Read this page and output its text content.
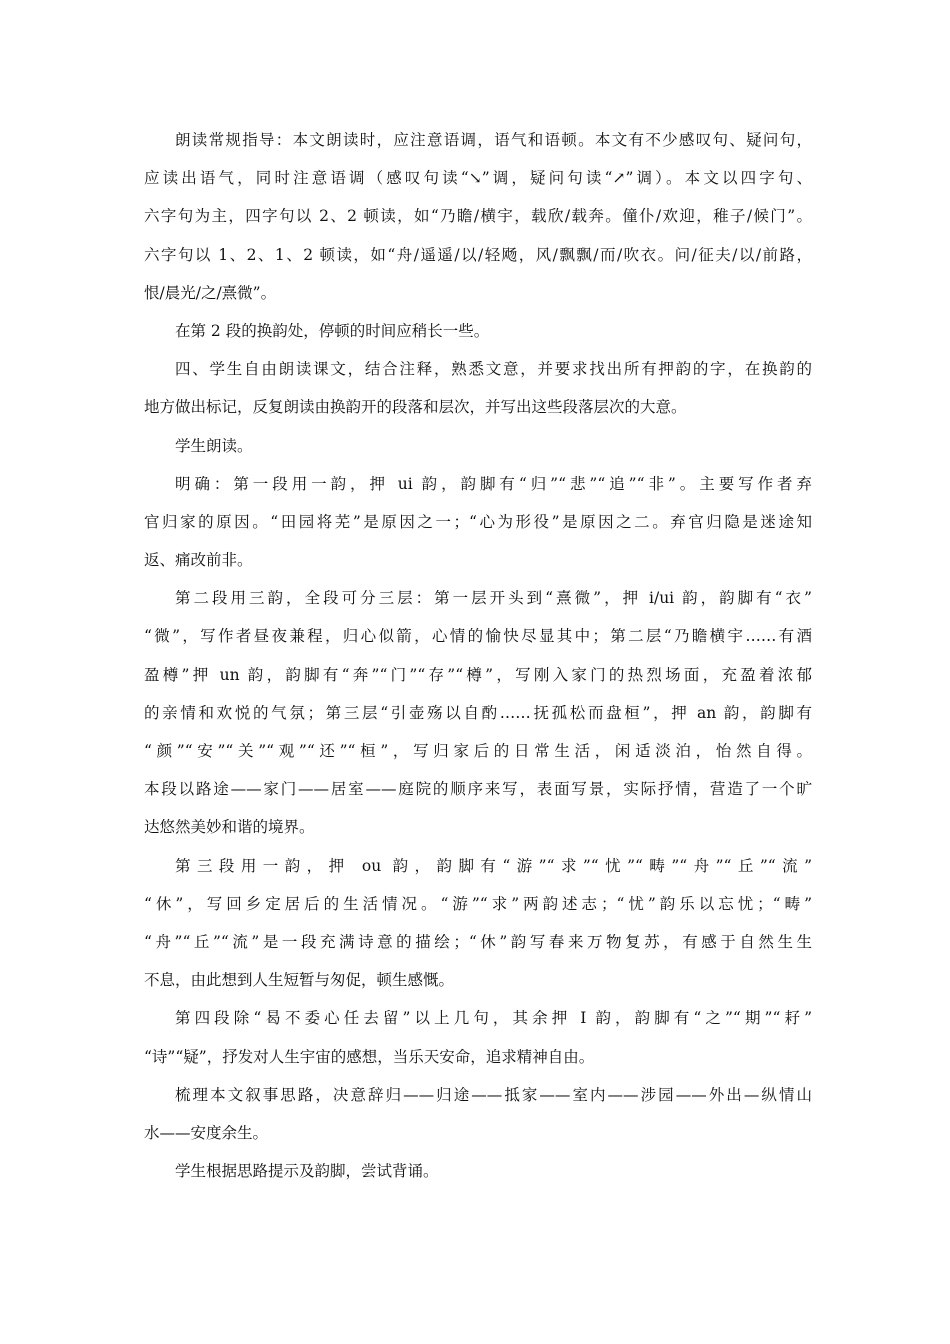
朗读常规指导：本文朗读时，应注意语调，语气和语顿。本文有不少感叹句、疑问句，
应读出语气，同时注意语调（感叹句读“↘”调，疑问句读“↗”调）。本文以四字句、
六字句为主，四字句以 2、2 顿读，如“乃瞻/横宇，载欣/载奔。僮仆/欢迎，稚子/候门”。
六字句以 1、2、1、2 顿读，如“舟/遥遥/以/轻飏，风/飘飘/而/吹衣。问/征夫/以/前路，
恨/晨光/之/熹微”。
在第 2 段的换韵处，停顿的时间应稍长一些。
四、学生自由朗读课文，结合注释，熟悉文意，并要求找出所有押韵的字，在换韵的
地方做出标记，反复朗读由换韵开的段落和层次，并写出这些段落层次的大意。
学生朗读。
明确：第一段用一韵，押 ui 韵，韵脚有“归”“悲”“追”“非”。主要写作者弃
官归家的原因。“田园将芜”是原因之一；“心为形役”是原因之二。弃官归隐是迷途知
返、痛改前非。
第二段用三韵，全段可分三层：第一层开头到“熹微”，押 i/ui 韵，韵脚有“衣”
“微”，写作者昼夜兼程，归心似箭，心情的愉快尽显其中；第二层“乃瞻横宇……有酒
盈樽”押 un 韵，韵脚有“奔”“门”“存”“樽”，写刚入家门的热烈场面，充盈着浓郁
的亲情和欢悦的气氛；第三层“引壶殇以自酌……抚孤松而盘桓”，押 an 韵，韵脚有
“颜”“安”“关”“观”“还”“桓”，写归家后的日常生活，闲适淡泊，怡然自得。
本段以路途——家门——居室——庭院的顺序来写，表面写景，实际抒情，营造了一个旷
达悠然美妙和谐的境界。
第三段用一韵，押 ou 韵，韵脚有“游”“求”“忧”“畴”“舟”“丘”“流”
“休”，写回乡定居后的生活情况。“游”“求”两韵述志；“忧”韵乐以忘忧；“畴”
“舟”“丘”“流”是一段充满诗意的描绘；“休”韵写春来万物复苏，有感于自然生生
不息，由此想到人生短暂与匆促，顿生感慨。
第四段除“曷不委心任去留”以上几句，其余押 I 韵，韵脚有“之”“期”“耔”
“诗”“疑”，抒发对人生宇宙的感想，当乐天安命，追求精神自由。
梳理本文叙事思路，决意辞归——归途——抵家——室内——涉园——外出—纵情山
水——安度余生。
学生根据思路提示及韵脚，尝试背诵。
